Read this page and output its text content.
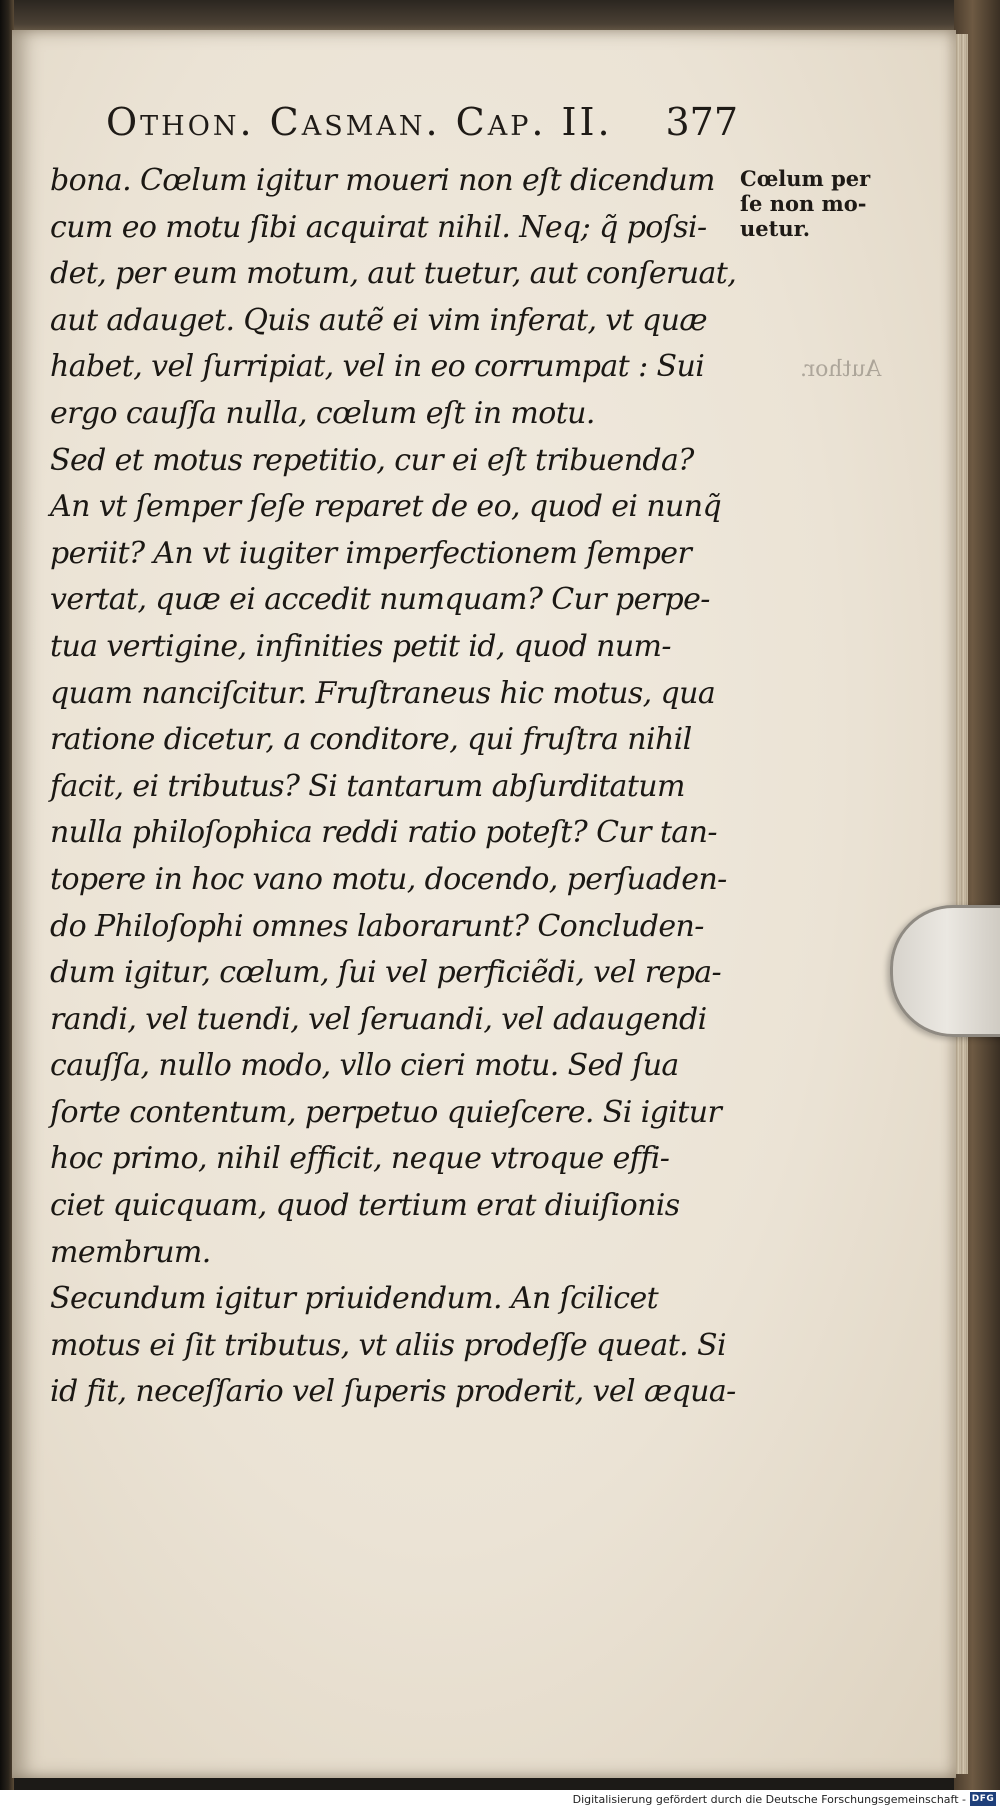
Othon. Casman. Cap. II. 377
bona. Cœlum igitur moueri non eſt dicendum
cum eo motu ſibi acquirat nihil. Neq; q̃ poſsi-
det, per eum motum, aut tuetur, aut conſeruat,
aut adauget. Quis autẽ ei vim inferat, vt quæ
habet, vel ſurripiat, vel in eo corrumpat : Sui
ergo cauſſa nulla, cœlum eſt in motu.
Sed et motus repetitio, cur ei eſt tribuenda?
An vt ſemper ſeſe reparet de eo, quod ei nunq̃
periit? An vt iugiter imperfectionem ſemper
vertat, quæ ei accedit numquam? Cur perpe-
tua vertigine, infinities petit id, quod num-
quam nanciſcitur. Fruſtraneus hic motus, qua
ratione dicetur, a conditore, qui fruſtra nihil
facit, ei tributus? Si tantarum abſurditatum
nulla philoſophica reddi ratio poteſt? Cur tan-
topere in hoc vano motu, docendo, perſuaden-
do Philoſophi omnes laborarunt? Concluden-
dum igitur, cœlum, ſui vel perficiẽdi, vel repa-
randi, vel tuendi, vel ſeruandi, vel adaugendi
cauſſa, nullo modo, vllo cieri motu. Sed ſua
ſorte contentum, perpetuo quieſcere. Si igitur
hoc primo, nihil efficit, neque vtroque effi-
ciet quicquam, quod tertium erat diuiſionis
membrum.
Secundum igitur priuidendum. An ſcilicet
motus ei ſit tributus, vt aliis prodeſſe queat. Si
id fit, neceſſario vel ſuperis proderit, vel æqua-
Cœlum per
ſe non mo-
uetur.
Author.
Digitalisierung gefördert durch die Deutsche Forschungsgemeinschaft - DFG
